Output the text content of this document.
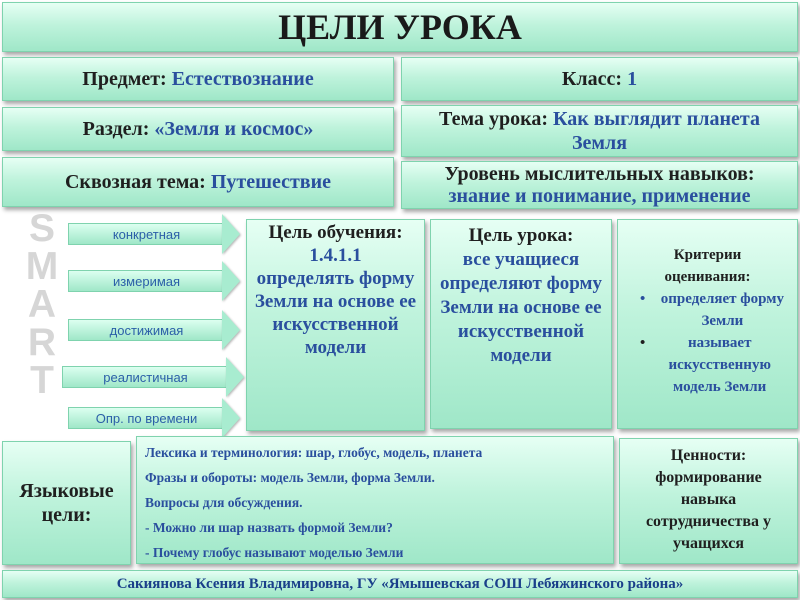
ЦЕЛИ УРОКА
Предмет:
Естествознание	Класс:
1
Раздел:
«Земля и космос»	Тема урока: Как выглядит планета Земля
Сквозная тема:
Путешествие	Уровень мыслительных навыков:
знание и понимание, применение
S
M
A
R
T
конкретная
измеримая
достижимая
реалистичная
Опр. по времени
Цель обучения:
1.4.1.1
определять форму Земли на основе ее искусственной модели
Цель урока:
все учащиеся определяют форму Земли на основе ее искусственной модели
Критерии оценивания:
•	определяет форму Земли
•	называет искусственную модель Земли
Языковые цели:
Лексика и терминология: шар, глобус, модель, планета
Фразы и обороты: модель Земли, форма Земли.
Вопросы для обсуждения.
- Можно ли шар назвать формой Земли?
- Почему глобус называют моделью Земли
Ценности:
формирование навыка сотрудничества у учащихся
Сакиянова Ксения Владимировна, ГУ «Ямышевская СОШ Лебяжинского района»
